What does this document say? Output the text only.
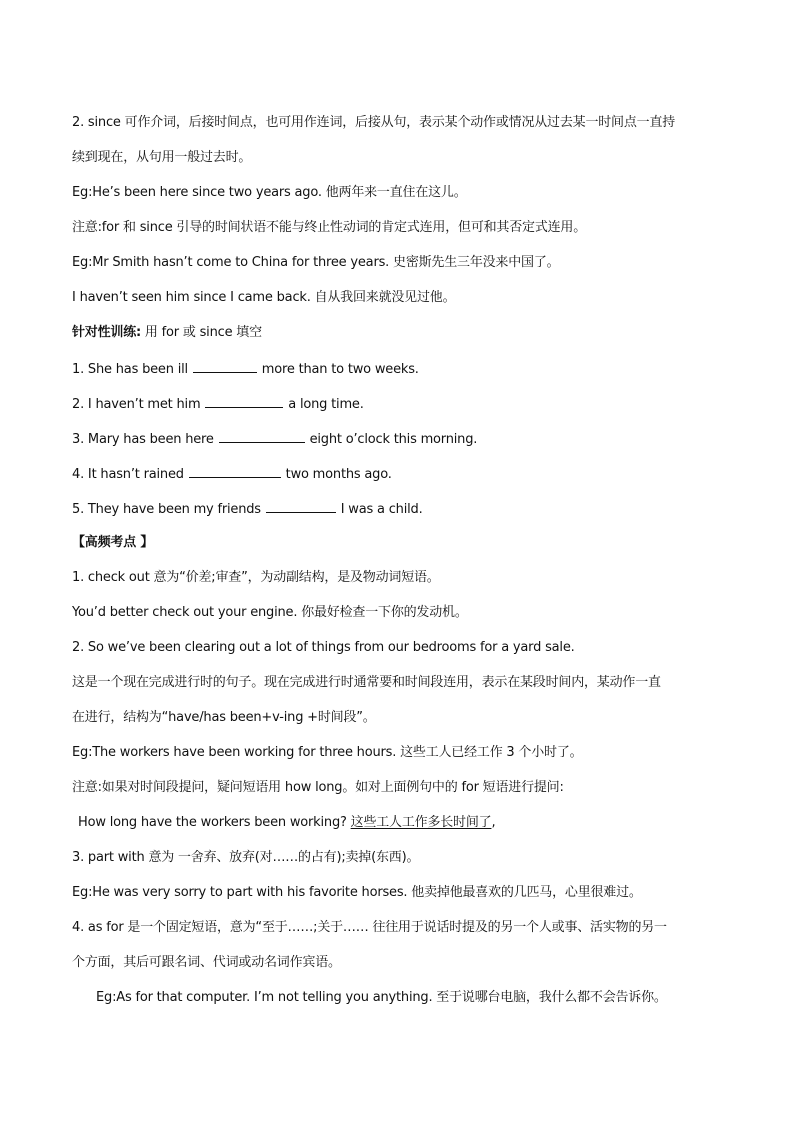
2. since 可作介词，后接时间点，也可用作连词，后接从句，表示某个动作或情况从过去某一时间点一直持
续到现在，从句用一般过去时。
Eg:He’s been here since two years ago. 他两年来一直住在这儿。
注意:for 和 since 引导的时间状语不能与终止性动词的肯定式连用，但可和其否定式连用。
Eg:Mr Smith hasn’t come to China for three years. 史密斯先生三年没来中国了。
I haven’t seen him since I came back. 自从我回来就没见过他。
针对性训练: 用 for 或 since 填空
1. She has been ill	more than to two weeks.
2. I haven’t met him	a long time.
3. Mary has been here	eight o’clock this morning.
4. It hasn’t rained	two months ago.
5. They have been my friends	I was a child.
【高频考点 】
1. check out 意为“价差;审查”，为动副结构，是及物动词短语。
You’d better check out your engine. 你最好检查一下你的发动机。
2. So we’ve been clearing out a lot of things from our bedrooms for a yard sale.
这是一个现在完成进行时的句子。现在完成进行时通常要和时间段连用，表示在某段时间内，某动作一直
在进行，结构为“have/has been+v-ing +时间段”。
Eg:The workers have been working for three hours. 这些工人已经工作 3 个小时了。
注意:如果对时间段提问，疑问短语用 how long。如对上面例句中的 for 短语进行提问:
How long have the workers been working? 这些工人工作多长时间了,
3. part with 意为 一舍弃、放弃(对……的占有);卖掉(东西)。
Eg:He was very sorry to part with his favorite horses. 他卖掉他最喜欢的几匹马，心里很难过。
4. as for 是一个固定短语，意为“至于……;关于…… 往往用于说话时提及的另一个人或事、活实物的另一
个方面，其后可跟名词、代词或动名词作宾语。
Eg:As for that computer. I’m not telling you anything. 至于说哪台电脑，我什么都不会告诉你。
